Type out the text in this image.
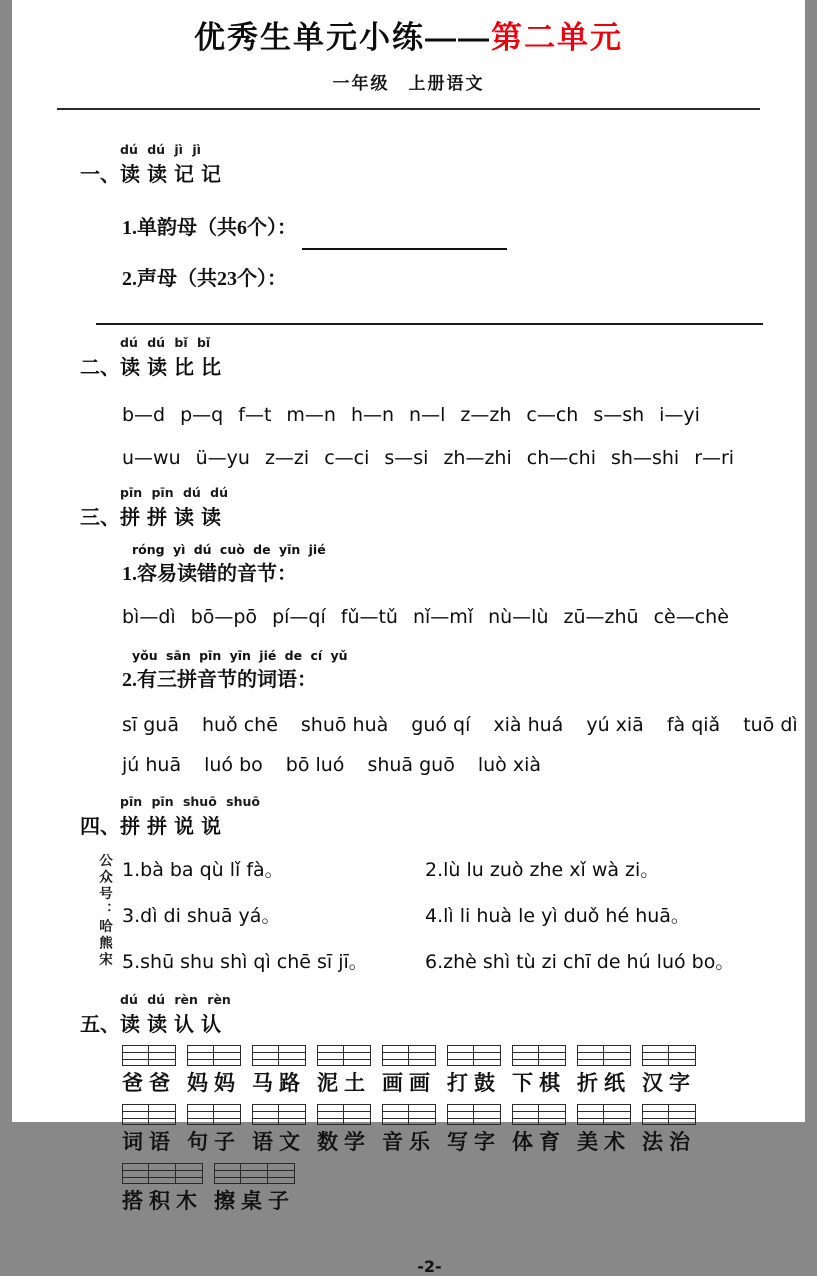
优秀生单元小练——第二单元
一年级　上册语文
一、
dú dú jì jì
读读记记
1.单韵母（共6个）：
2.声母（共23个）：
二、
dú dú bǐ bǐ
读读比比
b—d p—q f—t m—n h—n n—l z—zh c—ch s—sh i—yi
u—wu ü—yu z—zi c—ci s—si zh—zhi ch—chi sh—shi r—ri
三、
pīn pīn dú dú
拼拼读读
róng yì dú cuò de yīn jié
1.容易读错的音节：
bì—dì bō—pō pí—qí fǔ—tǔ nǐ—mǐ nù—lù zū—zhū cè—chè
yǒu sān pīn yīn jié de cí yǔ
2.有三拼音节的词语：
sī guā huǒ chē shuō huà guó qí xià huá yú xiā fà qiǎ tuō dì
jú huā luó bo bō luó shuā guō luò xià
四、
pīn pīn shuō shuō
拼拼说说
1.bà ba qù lǐ fà。	2.lù lu zuò zhe xǐ wà zi。
3.dì di shuā yá。	4.lì li huà le yì duǒ hé huā。
5.shū shu shì qì chē sī jī。	6.zhè shì tù zi chī de hú luó bo。
五、
dú dú rèn rèn
读读认认
爸爸 妈妈 马路 泥土 画画 打鼓 下棋 折纸 汉字
词语 句子 语文 数学 音乐 写字 体育 美术 法治
搭积木 擦桌子
-2-
公众号：哈熊宋
